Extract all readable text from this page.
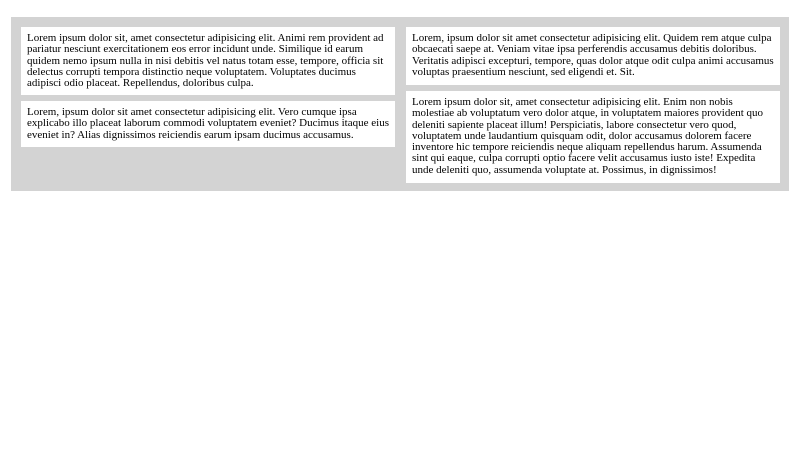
Lorem ipsum dolor sit, amet consectetur adipisicing elit. Animi rem provident ad pariatur nesciunt exercitationem eos error incidunt unde. Similique id earum quidem nemo ipsum nulla in nisi debitis vel natus totam esse, tempore, officia sit delectus corrupti tempora distinctio neque voluptatem. Voluptates ducimus adipisci odio placeat. Repellendus, doloribus culpa.
Lorem, ipsum dolor sit amet consectetur adipisicing elit. Vero cumque ipsa explicabo illo placeat laborum commodi voluptatem eveniet? Ducimus itaque eius eveniet in? Alias dignissimos reiciendis earum ipsam ducimus accusamus.
Lorem, ipsum dolor sit amet consectetur adipisicing elit. Quidem rem atque culpa obcaecati saepe at. Veniam vitae ipsa perferendis accusamus debitis doloribus. Veritatis adipisci excepturi, tempore, quas dolor atque odit culpa animi accusamus voluptas praesentium nesciunt, sed eligendi et. Sit.
Lorem ipsum dolor sit, amet consectetur adipisicing elit. Enim non nobis molestiae ab voluptatum vero dolor atque, in voluptatem maiores provident quo deleniti sapiente placeat illum! Perspiciatis, labore consectetur vero quod, voluptatem unde laudantium quisquam odit, dolor accusamus dolorem facere inventore hic tempore reiciendis neque aliquam repellendus harum. Assumenda sint qui eaque, culpa corrupti optio facere velit accusamus iusto iste! Expedita unde deleniti quo, assumenda voluptate at. Possimus, in dignissimos!
